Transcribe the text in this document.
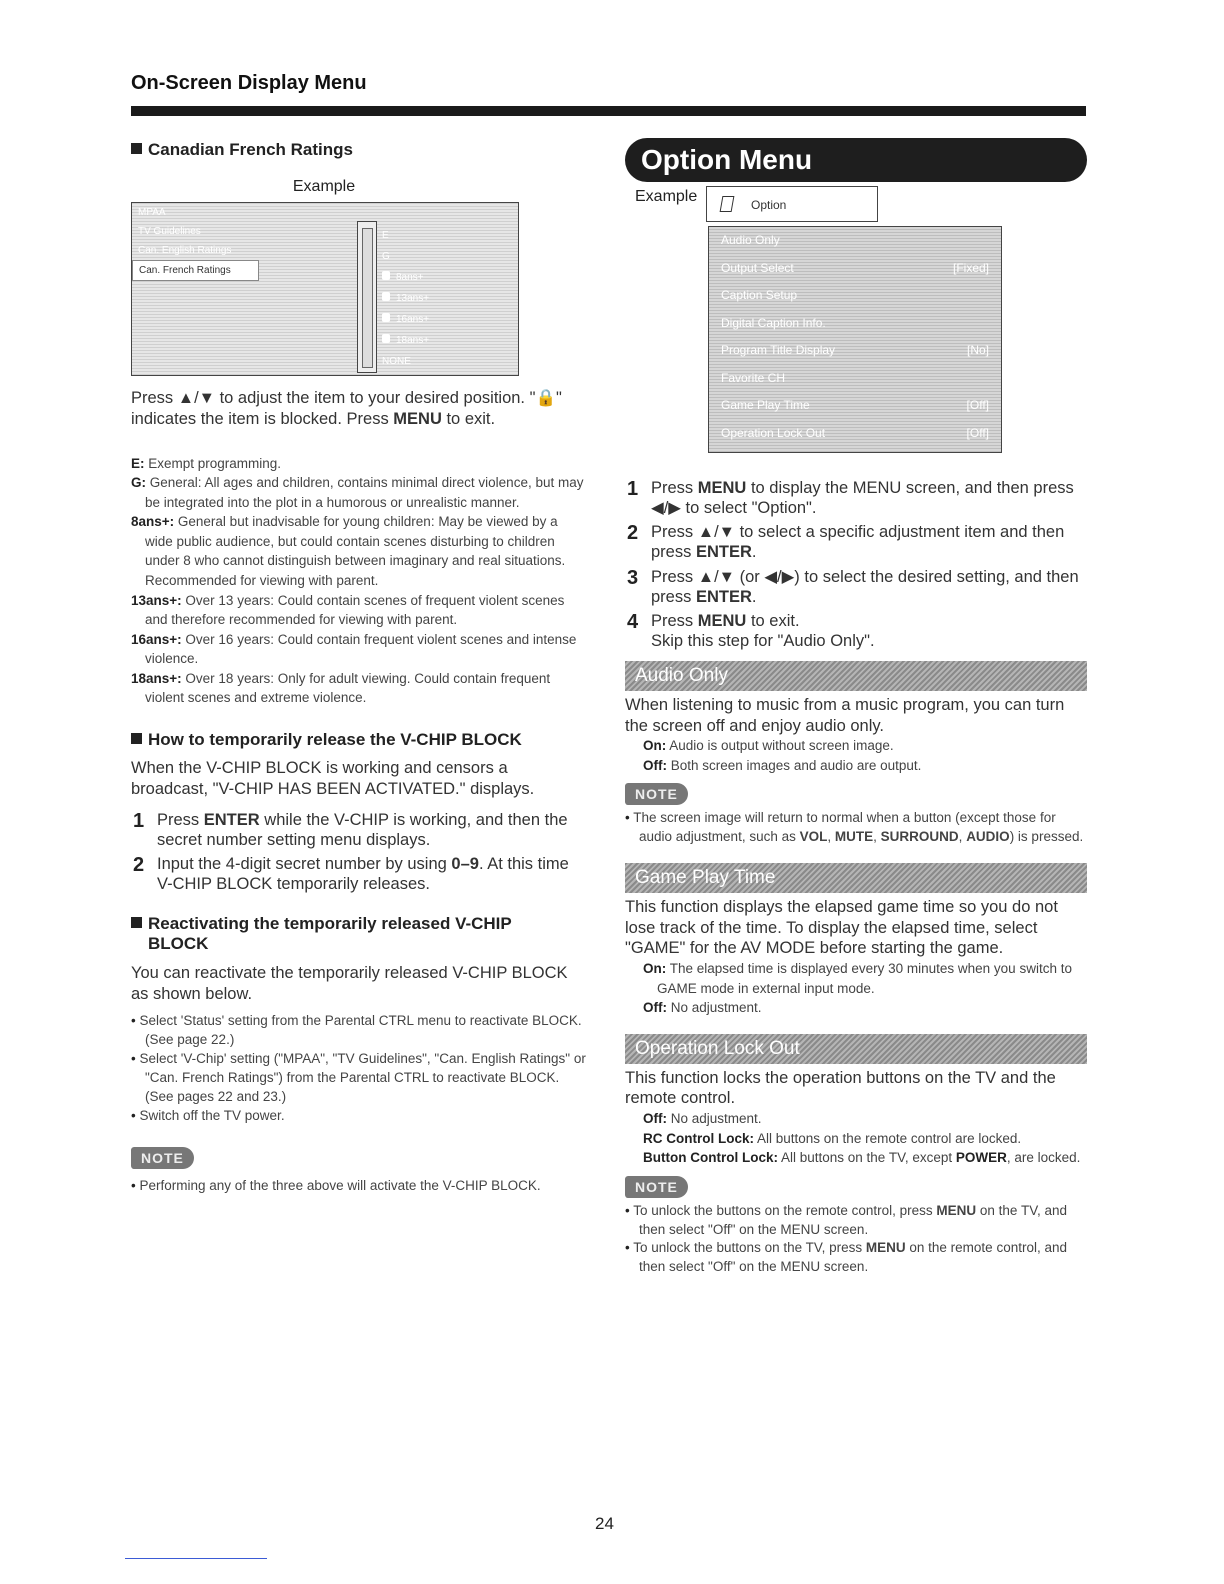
On-Screen Display Menu
Canadian French Ratings
Example
MPAA
TV Guidelines
Can. English Ratings
Can. French Ratings
E
G
8ans+
13ans+
16ans+
18ans+
NONE

Press ▲/▼ to adjust the item to your desired position. "🔒" indicates the item is blocked. Press MENU to exit.

E: Exempt programming.

G: General: All ages and children, contains minimal direct violence, but may be integrated into the plot in a humorous or unrealistic manner.

8ans+: General but inadvisable for young children: May be viewed by a wide public audience, but could contain scenes disturbing to children under 8 who cannot distinguish between imaginary and real situations. Recommended for viewing with parent.

13ans+: Over 13 years: Could contain scenes of frequent violent scenes and therefore recommended for viewing with parent.

16ans+: Over 16 years: Could contain frequent violent scenes and intense violence.

18ans+: Over 18 years: Only for adult viewing. Could contain frequent violent scenes and extreme violence.

How to temporarily release the V-CHIP BLOCK

When the V-CHIP BLOCK is working and censors a broadcast, "V-CHIP HAS BEEN ACTIVATED." displays.

1 Press ENTER while the V-CHIP is working, and then the secret number setting menu displays.
2 Input the 4-digit secret number by using 0–9. At this time V-CHIP BLOCK temporarily releases.
Reactivating the temporarily released V-CHIP
BLOCK

You can reactivate the temporarily released V-CHIP BLOCK as shown below.

• Select 'Status' setting from the Parental CTRL menu to reactivate BLOCK. (See page 22.)
• Select 'V-Chip' setting ("MPAA", "TV Guidelines", "Can. English Ratings" or "Can. French Ratings") from the Parental CTRL to reactivate BLOCK. (See pages 22 and 23.)
• Switch off the TV power.
NOTE
• Performing any of the three above will activate the V-CHIP BLOCK.
Option Menu
Example	Option
Audio Only
Output Select	[Fixed]
Caption Setup
Digital Caption Info.
Program Title Display	[No]
Favorite CH
Game Play Time	[Off]
Operation Lock Out	[Off]
1 Press MENU to display the MENU screen, and then press ◀/▶ to select "Option".
2 Press ▲/▼ to select a specific adjustment item and then press ENTER.
3 Press ▲/▼ (or ◀/▶) to select the desired setting, and then press ENTER.
4 Press MENU to exit.
Skip this step for "Audio Only".
Audio Only

When listening to music from a music program, you can turn the screen off and enjoy audio only.

On: Audio is output without screen image.

Off: Both screen images and audio are output.

NOTE
• The screen image will return to normal when a button (except those for audio adjustment, such as VOL, MUTE, SURROUND, AUDIO) is pressed.
Game Play Time

This function displays the elapsed game time so you do not lose track of the time. To display the elapsed time, select "GAME" for the AV MODE before starting the game.

On: The elapsed time is displayed every 30 minutes when you switch to GAME mode in external input mode.

Off: No adjustment.

Operation Lock Out

This function locks the operation buttons on the TV and the remote control.

Off: No adjustment.

RC Control Lock: All buttons on the remote control are locked.

Button Control Lock: All buttons on the TV, except POWER, are locked.

NOTE
• To unlock the buttons on the remote control, press MENU on the TV, and then select "Off" on the MENU screen.
• To unlock the buttons on the TV, press MENU on the remote control, and then select "Off" on the MENU screen.
24
